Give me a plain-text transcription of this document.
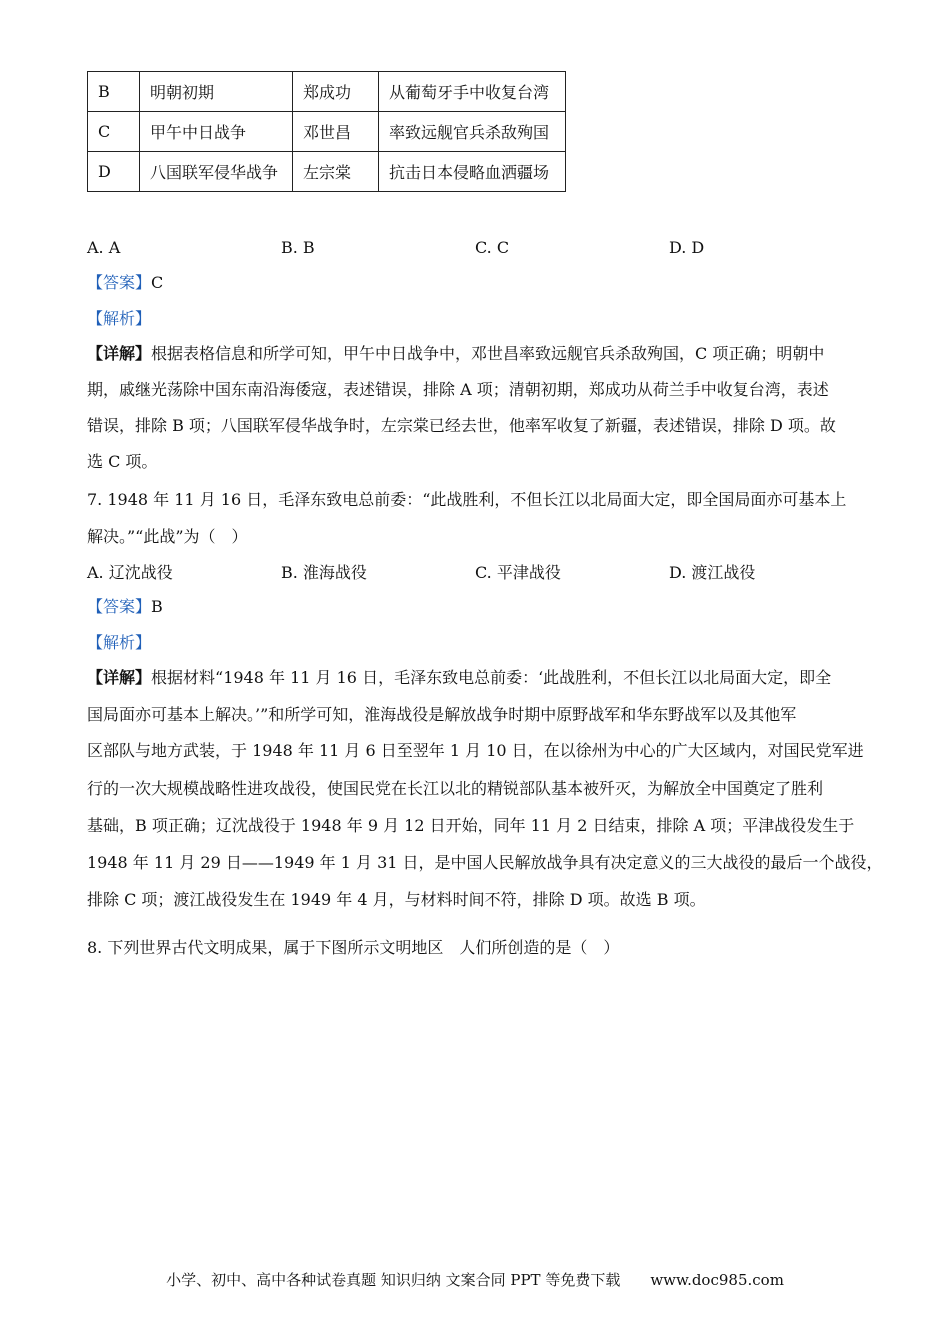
B	明朝初期	郑成功	从葡萄牙手中收复台湾
C	甲午中日战争	邓世昌	率致远舰官兵杀敌殉国
D	八国联军侵华战争	左宗棠	抗击日本侵略血洒疆场
A. A	B. B	C. C	D. D
【答案】C
【解析】
【详解】根据表格信息和所学可知，甲午中日战争中，邓世昌率致远舰官兵杀敌殉国，C 项正确；明朝中
期，戚继光荡除中国东南沿海倭寇，表述错误，排除 A 项；清朝初期，郑成功从荷兰手中收复台湾，表述
错误，排除 B 项；八国联军侵华战争时，左宗棠已经去世，他率军收复了新疆，表述错误，排除 D 项。故
选 C 项。
7. 1948 年 11 月 16 日，毛泽东致电总前委：“此战胜利，不但长江以北局面大定，即全国局面亦可基本上
解决。”“此战”为（　）
A. 辽沈战役	B. 淮海战役	C. 平津战役	D. 渡江战役
【答案】B
【解析】
【详解】根据材料“1948 年 11 月 16 日，毛泽东致电总前委：‘此战胜利，不但长江以北局面大定，即全
国局面亦可基本上解决。’”和所学可知，淮海战役是解放战争时期中原野战军和华东野战军以及其他军
区部队与地方武装，于 1948 年 11 月 6 日至翌年 1 月 10 日，在以徐州为中心的广大区域内，对国民党军进
行的一次大规模战略性进攻战役，使国民党在长江以北的精锐部队基本被歼灭，为解放全中国奠定了胜利
基础，B 项正确；辽沈战役于 1948 年 9 月 12 日开始，同年 11 月 2 日结束，排除 A 项；平津战役发生于
1948 年 11 月 29 日——1949 年 1 月 31 日，是中国人民解放战争具有决定意义的三大战役的最后一个战役，
排除 C 项；渡江战役发生在 1949 年 4 月，与材料时间不符，排除 D 项。故选 B 项。
8. 下列世界古代文明成果，属于下图所示文明地区　人们所创造的是（　）
小学、初中、高中各种试卷真题 知识归纳 文案合同 PPT 等免费下载 www.doc985.com
